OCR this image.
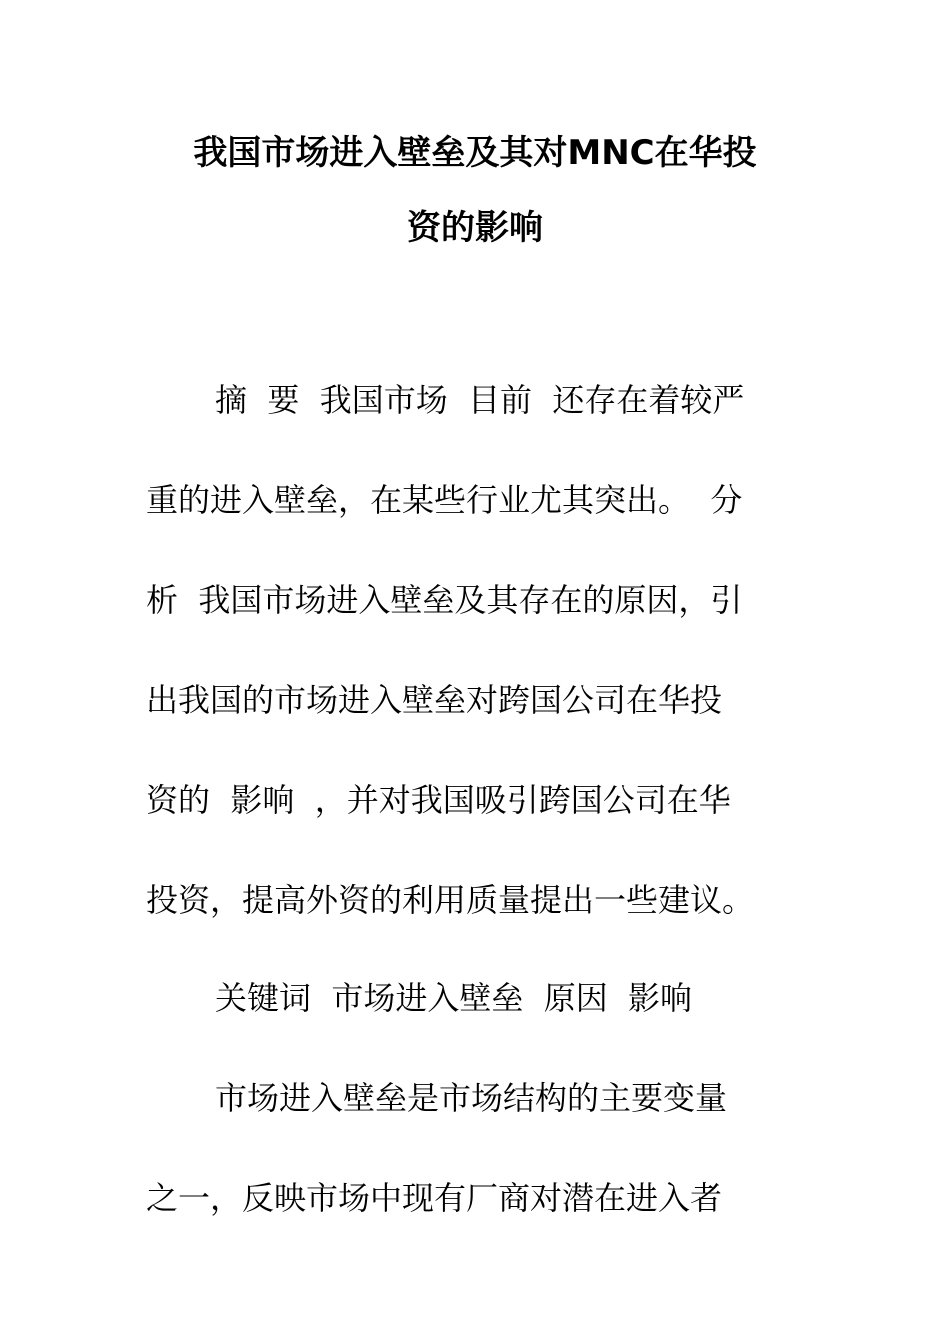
我国市场进入壁垒及其对MNC在华投
资的影响
摘  要  我国市场  目前  还存在着较严
重的进入壁垒，在某些行业尤其突出。  分
析  我国市场进入壁垒及其存在的原因，引
出我国的市场进入壁垒对跨国公司在华投
资的  影响  ，并对我国吸引跨国公司在华
投资，提高外资的利用质量提出一些建议。
关键词  市场进入壁垒  原因  影响
市场进入壁垒是市场结构的主要变量
之一，反映市场中现有厂商对潜在进入者
